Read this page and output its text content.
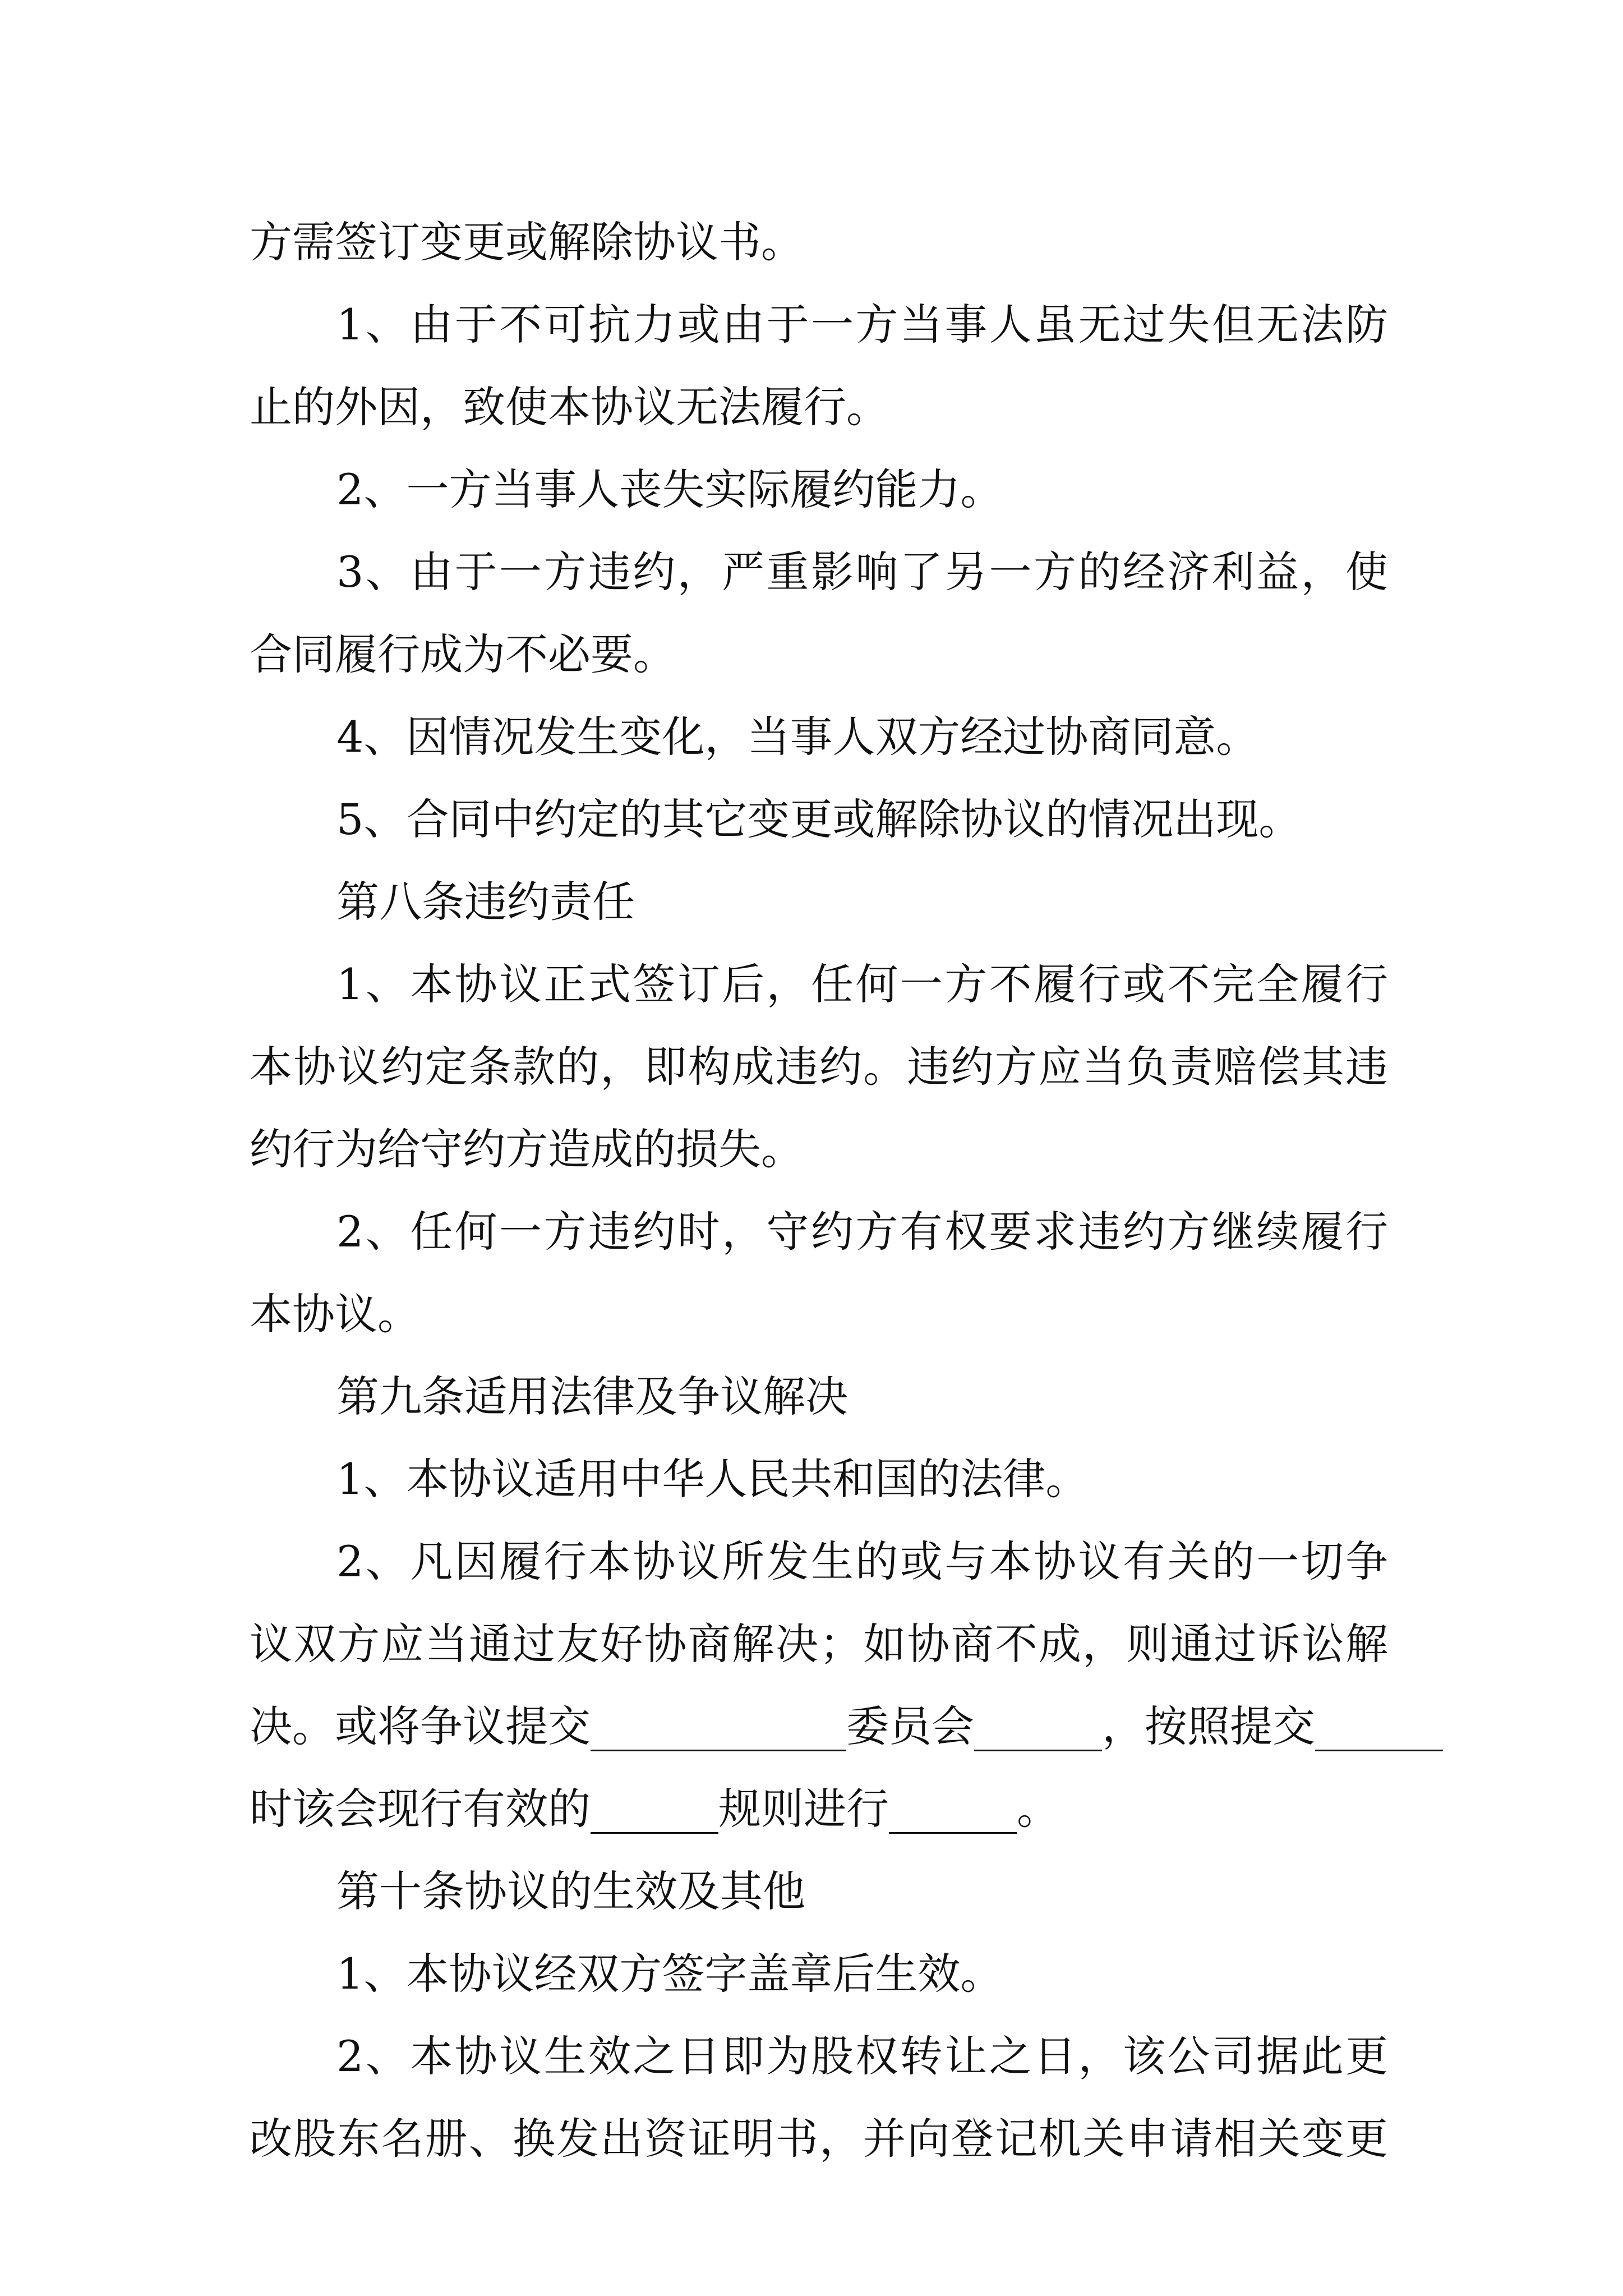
方需签订变更或解除协议书。
1、由于不可抗力或由于一方当事人虽无过失但无法防
止的外因，致使本协议无法履行。
2、一方当事人丧失实际履约能力。
3、由于一方违约，严重影响了另一方的经济利益，使
合同履行成为不必要。
4、因情况发生变化，当事人双方经过协商同意。
5、合同中约定的其它变更或解除协议的情况出现。
第八条违约责任
1、本协议正式签订后，任何一方不履行或不完全履行
本协议约定条款的，即构成违约。违约方应当负责赔偿其违
约行为给守约方造成的损失。
2、任何一方违约时，守约方有权要求违约方继续履行
本协议。
第九条适用法律及争议解决
1、本协议适用中华人民共和国的法律。
2、凡因履行本协议所发生的或与本协议有关的一切争
议双方应当通过友好协商解决；如协商不成，则通过诉讼解
决。或将争议提交____________委员会______，按照提交______
时该会现行有效的______规则进行______。
第十条协议的生效及其他
1、本协议经双方签字盖章后生效。
2、本协议生效之日即为股权转让之日，该公司据此更
改股东名册、换发出资证明书，并向登记机关申请相关变更
